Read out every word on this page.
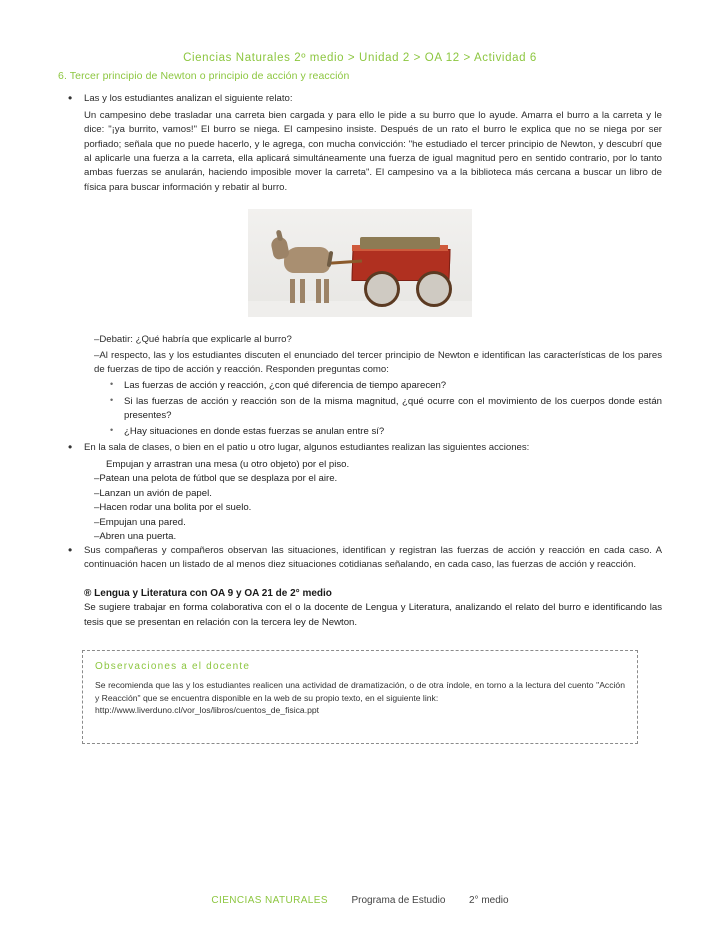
Ciencias Naturales 2º medio > Unidad 2 > OA 12 > Actividad 6
6. Tercer principio de Newton o principio de acción y reacción
• Las y los estudiantes analizan el siguiente relato:

Un campesino debe trasladar una carreta bien cargada y para ello le pide a su burro que lo ayude. Amarra el burro a la carreta y le dice: "¡ya burrito, vamos!" El burro se niega. El campesino insiste. Después de un rato el burro le explica que no se niega por ser porfiado; señala que no puede hacerlo, y le agrega, con mucha convicción: "he estudiado el tercer principio de Newton, y descubrí que al aplicarle una fuerza a la carreta, ella aplicará simultáneamente una fuerza de igual magnitud pero en sentido contrario, por lo tanto ambas fuerzas se anularán, haciendo imposible mover la carreta". El campesino va a la biblioteca más cercana a buscar un libro de física para buscar información y rebatir al burro.

–Debatir: ¿Qué habría que explicarle al burro?
–Al respecto, las y los estudiantes discuten el enunciado del tercer principio de Newton e identifican las características de los pares de fuerzas de tipo de acción y reacción. Responden preguntas como:
• Las fuerzas de acción y reacción, ¿con qué diferencia de tiempo aparecen?
• Si las fuerzas de acción y reacción son de la misma magnitud, ¿qué ocurre con el movimiento de los cuerpos donde están presentes?
• ¿Hay situaciones en donde estas fuerzas se anulan entre sí?
• En la sala de clases, o bien en el patio u otro lugar, algunos estudiantes realizan las siguientes acciones:
Empujan y arrastran una mesa (u otro objeto) por el piso.
–Patean una pelota de fútbol que se desplaza por el aire.
–Lanzan un avión de papel.
–Hacen rodar una bolita por el suelo.
–Empujan una pared.
–Abren una puerta.
• Sus compañeras y compañeros observan las situaciones, identifican y registran las fuerzas de acción y reacción en cada caso. A continuación hacen un listado de al menos diez situaciones cotidianas señalando, en cada caso, las fuerzas de acción y reacción.
® Lengua y Literatura con OA 9 y OA 21 de 2° medio
Se sugiere trabajar en forma colaborativa con el o la docente de Lengua y Literatura, analizando el relato del burro e identificando las tesis que se presentan en relación con la tercera ley de Newton.
Observaciones a el docente
Se recomienda que las y los estudiantes realicen una actividad de dramatización, o de otra índole, en torno a la lectura del cuento "Acción y Reacción" que se encuentra disponible en la web de su propio texto, en el siguiente link:
http://www.liverduno.cl/vor_los/libros/cuentos_de_fisica.ppt
CIENCIAS NATURALES Programa de Estudio 2° medio
